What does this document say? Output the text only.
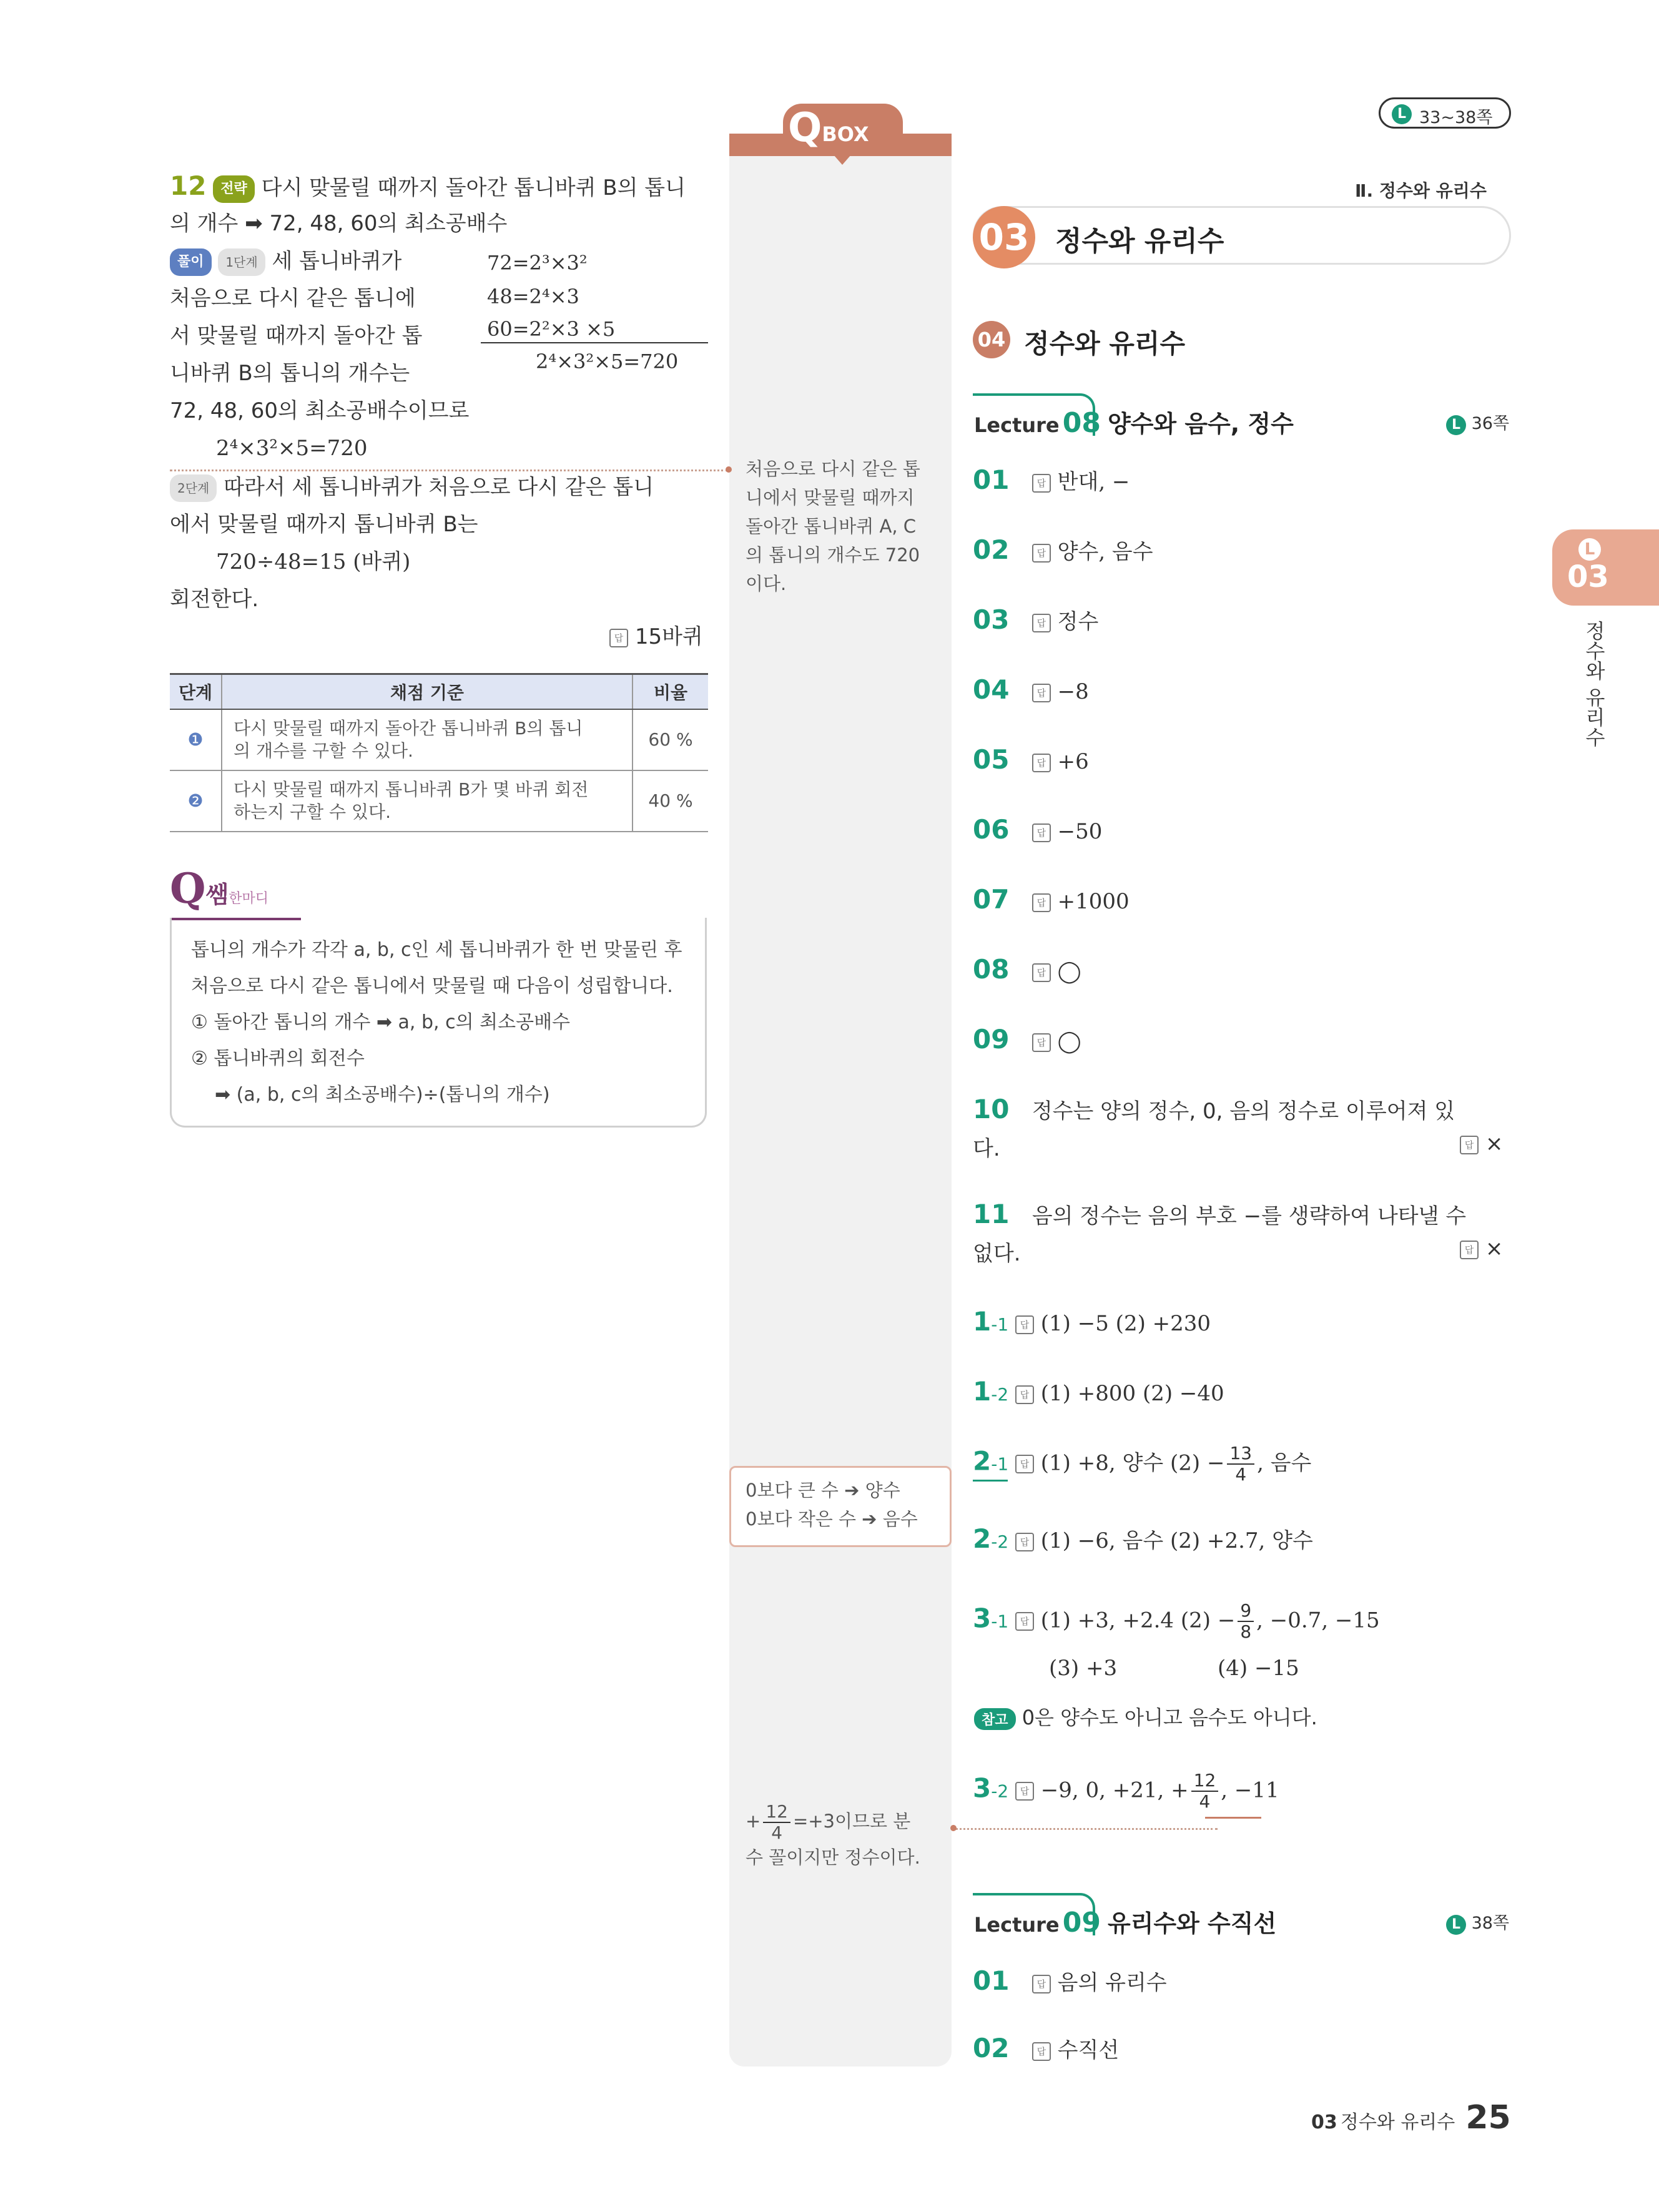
12 전략 다시 맞물릴 때까지 돌아간 톱니바퀴 B의 톱니
의 개수 ➡ 72, 48, 60의 최소공배수
풀이 1단계 세 톱니바퀴가
처음으로 다시 같은 톱니에
서 맞물릴 때까지 돌아간 톱
니바퀴 B의 톱니의 개수는
72, 48, 60의 최소공배수이므로
2⁴×3²×5=720
72=2³×3²
48=2⁴×3
60=2²×3 ×5
2⁴×3²×5=720
2단계 따라서 세 톱니바퀴가 처음으로 다시 같은 톱니
에서 맞물릴 때까지 톱니바퀴 B는
720÷48=15 (바퀴)
회전한다.
답 15바퀴
단계	채점 기준	비율
❶	다시 맞물릴 때까지 돌아간 톱니바퀴 B의 톱니
의 개수를 구할 수 있다.	60 %
❷	다시 맞물릴 때까지 톱니바퀴 B가 몇 바퀴 회전
하는지 구할 수 있다.	40 %
Q쌤한마디
톱니의 개수가 각각 a, b, c인 세 톱니바퀴가 한 번 맞물린 후
처음으로 다시 같은 톱니에서 맞물릴 때 다음이 성립합니다.
① 돌아간 톱니의 개수 ➡ a, b, c의 최소공배수
② 톱니바퀴의 회전수
➡ (a, b, c의 최소공배수)÷(톱니의 개수)
QBOX
처음으로 다시 같은 톱
니에서 맞물릴 때까지
돌아간 톱니바퀴 A, C
의 톱니의 개수도 720
이다.
0보다 큰 수 ➔ 양수
0보다 작은 수 ➔ 음수
+ $\frac{12}{4} =+3$이므로 분
수 꼴이지만 정수이다.
L 33~38쪽
Ⅱ. 정수와 유리수
03 정수와 유리수
04 정수와 유리수
Lecture 08 양수와 음수, 정수	L 36쪽
01	답 반대, −
02	답 양수, 음수
03	답 정수
04	답 −8
05	답 +6
06	답 −50
07	답 +1000
08	답 ◯
09	답 ◯
10 정수는 양의 정수, 0, 음의 정수로 이루어져 있
다.	답 ×
11 음의 정수는 음의 부호 −를 생략하여 나타낼 수
없다.	답 ×
1-1 답 (1) −5 (2) +230
1-2 답 (1) +800 (2) −40
2-1 답 (1) +8, 양수 $(2) - \frac{13}{4}$ , 음수
2-2 답 (1) −6, 음수 (2) +2.7, 양수
3-1 답 (1) +3, +2.4 $(2) - \frac{9}{8}$ , −0.7, −15
(3) +3	(4) −15
참고 0은 양수도 아니고 음수도 아니다.
3-2 답 −9, 0, +21, + $\frac{12}{4}$ , −11
Lecture 09 유리수와 수직선	L 38쪽
01	답 음의 유리수
02	답 수직선
L
03
정수와 유리수
03 정수와 유리수 25
